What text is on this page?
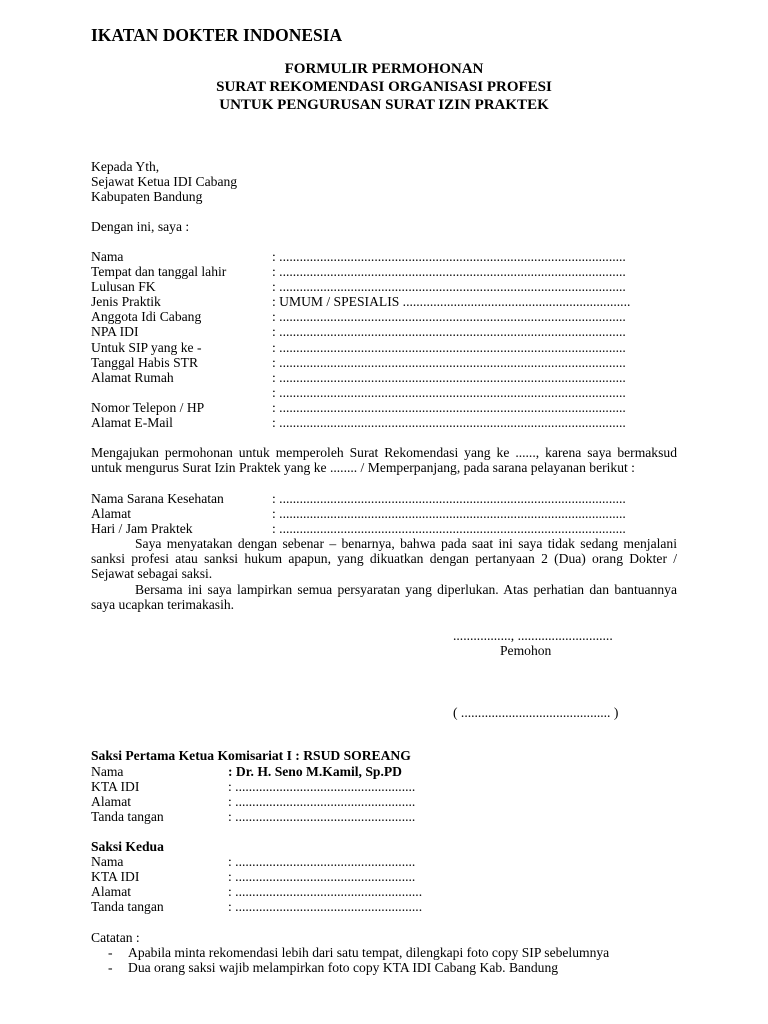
IKATAN DOKTER INDONESIA
FORMULIR PERMOHONAN
SURAT REKOMENDASI ORGANISASI PROFESI
UNTUK PENGURUSAN SURAT IZIN PRAKTEK
Kepada Yth,
Sejawat Ketua IDI Cabang
Kabupaten Bandung
Dengan ini, saya :
Nama	: ......................................................................................................
Tempat dan tanggal lahir	: ......................................................................................................
Lulusan FK	: ......................................................................................................
Jenis Praktik	: UMUM / SPESIALIS ...................................................................
Anggota Idi Cabang	: ......................................................................................................
NPA IDI	: ......................................................................................................
Untuk SIP yang ke -	: ......................................................................................................
Tanggal Habis STR	: ......................................................................................................
Alamat Rumah	: ......................................................................................................
: ......................................................................................................
Nomor Telepon / HP	: ......................................................................................................
Alamat E-Mail	: ......................................................................................................

Mengajukan permohonan untuk memperoleh Surat Rekomendasi yang ke ......, karena saya bermaksud untuk mengurus Surat Izin Praktek yang ke ........ / Memperpanjang, pada sarana pelayanan berikut :

Nama Sarana Kesehatan	: ......................................................................................................
Alamat	: ......................................................................................................
Hari / Jam Praktek	: ......................................................................................................

Saya menyatakan dengan sebenar – benarnya, bahwa pada saat ini saya tidak sedang menjalani sanksi profesi atau sanksi hukum apapun, yang dikuatkan dengan pertanyaan 2 (Dua) orang Dokter / Sejawat sebagai saksi.

Bersama ini saya lampirkan semua persyaratan yang diperlukan. Atas perhatian dan bantuannya saya ucapkan terimakasih.

................., ............................
Pemohon
( ............................................ )
Saksi Pertama Ketua Komisariat I : RSUD SOREANG
Nama	: Dr. H. Seno M.Kamil, Sp.PD
KTA IDI	: .....................................................
Alamat	: .....................................................
Tanda tangan	: .....................................................
Saksi Kedua
Nama	: .....................................................
KTA IDI	: .....................................................
Alamat	: .......................................................
Tanda tangan	: .......................................................
Catatan :
- Apabila minta rekomendasi lebih dari satu tempat, dilengkapi foto copy SIP sebelumnya
- Dua orang saksi wajib melampirkan foto copy KTA IDI Cabang Kab. Bandung
